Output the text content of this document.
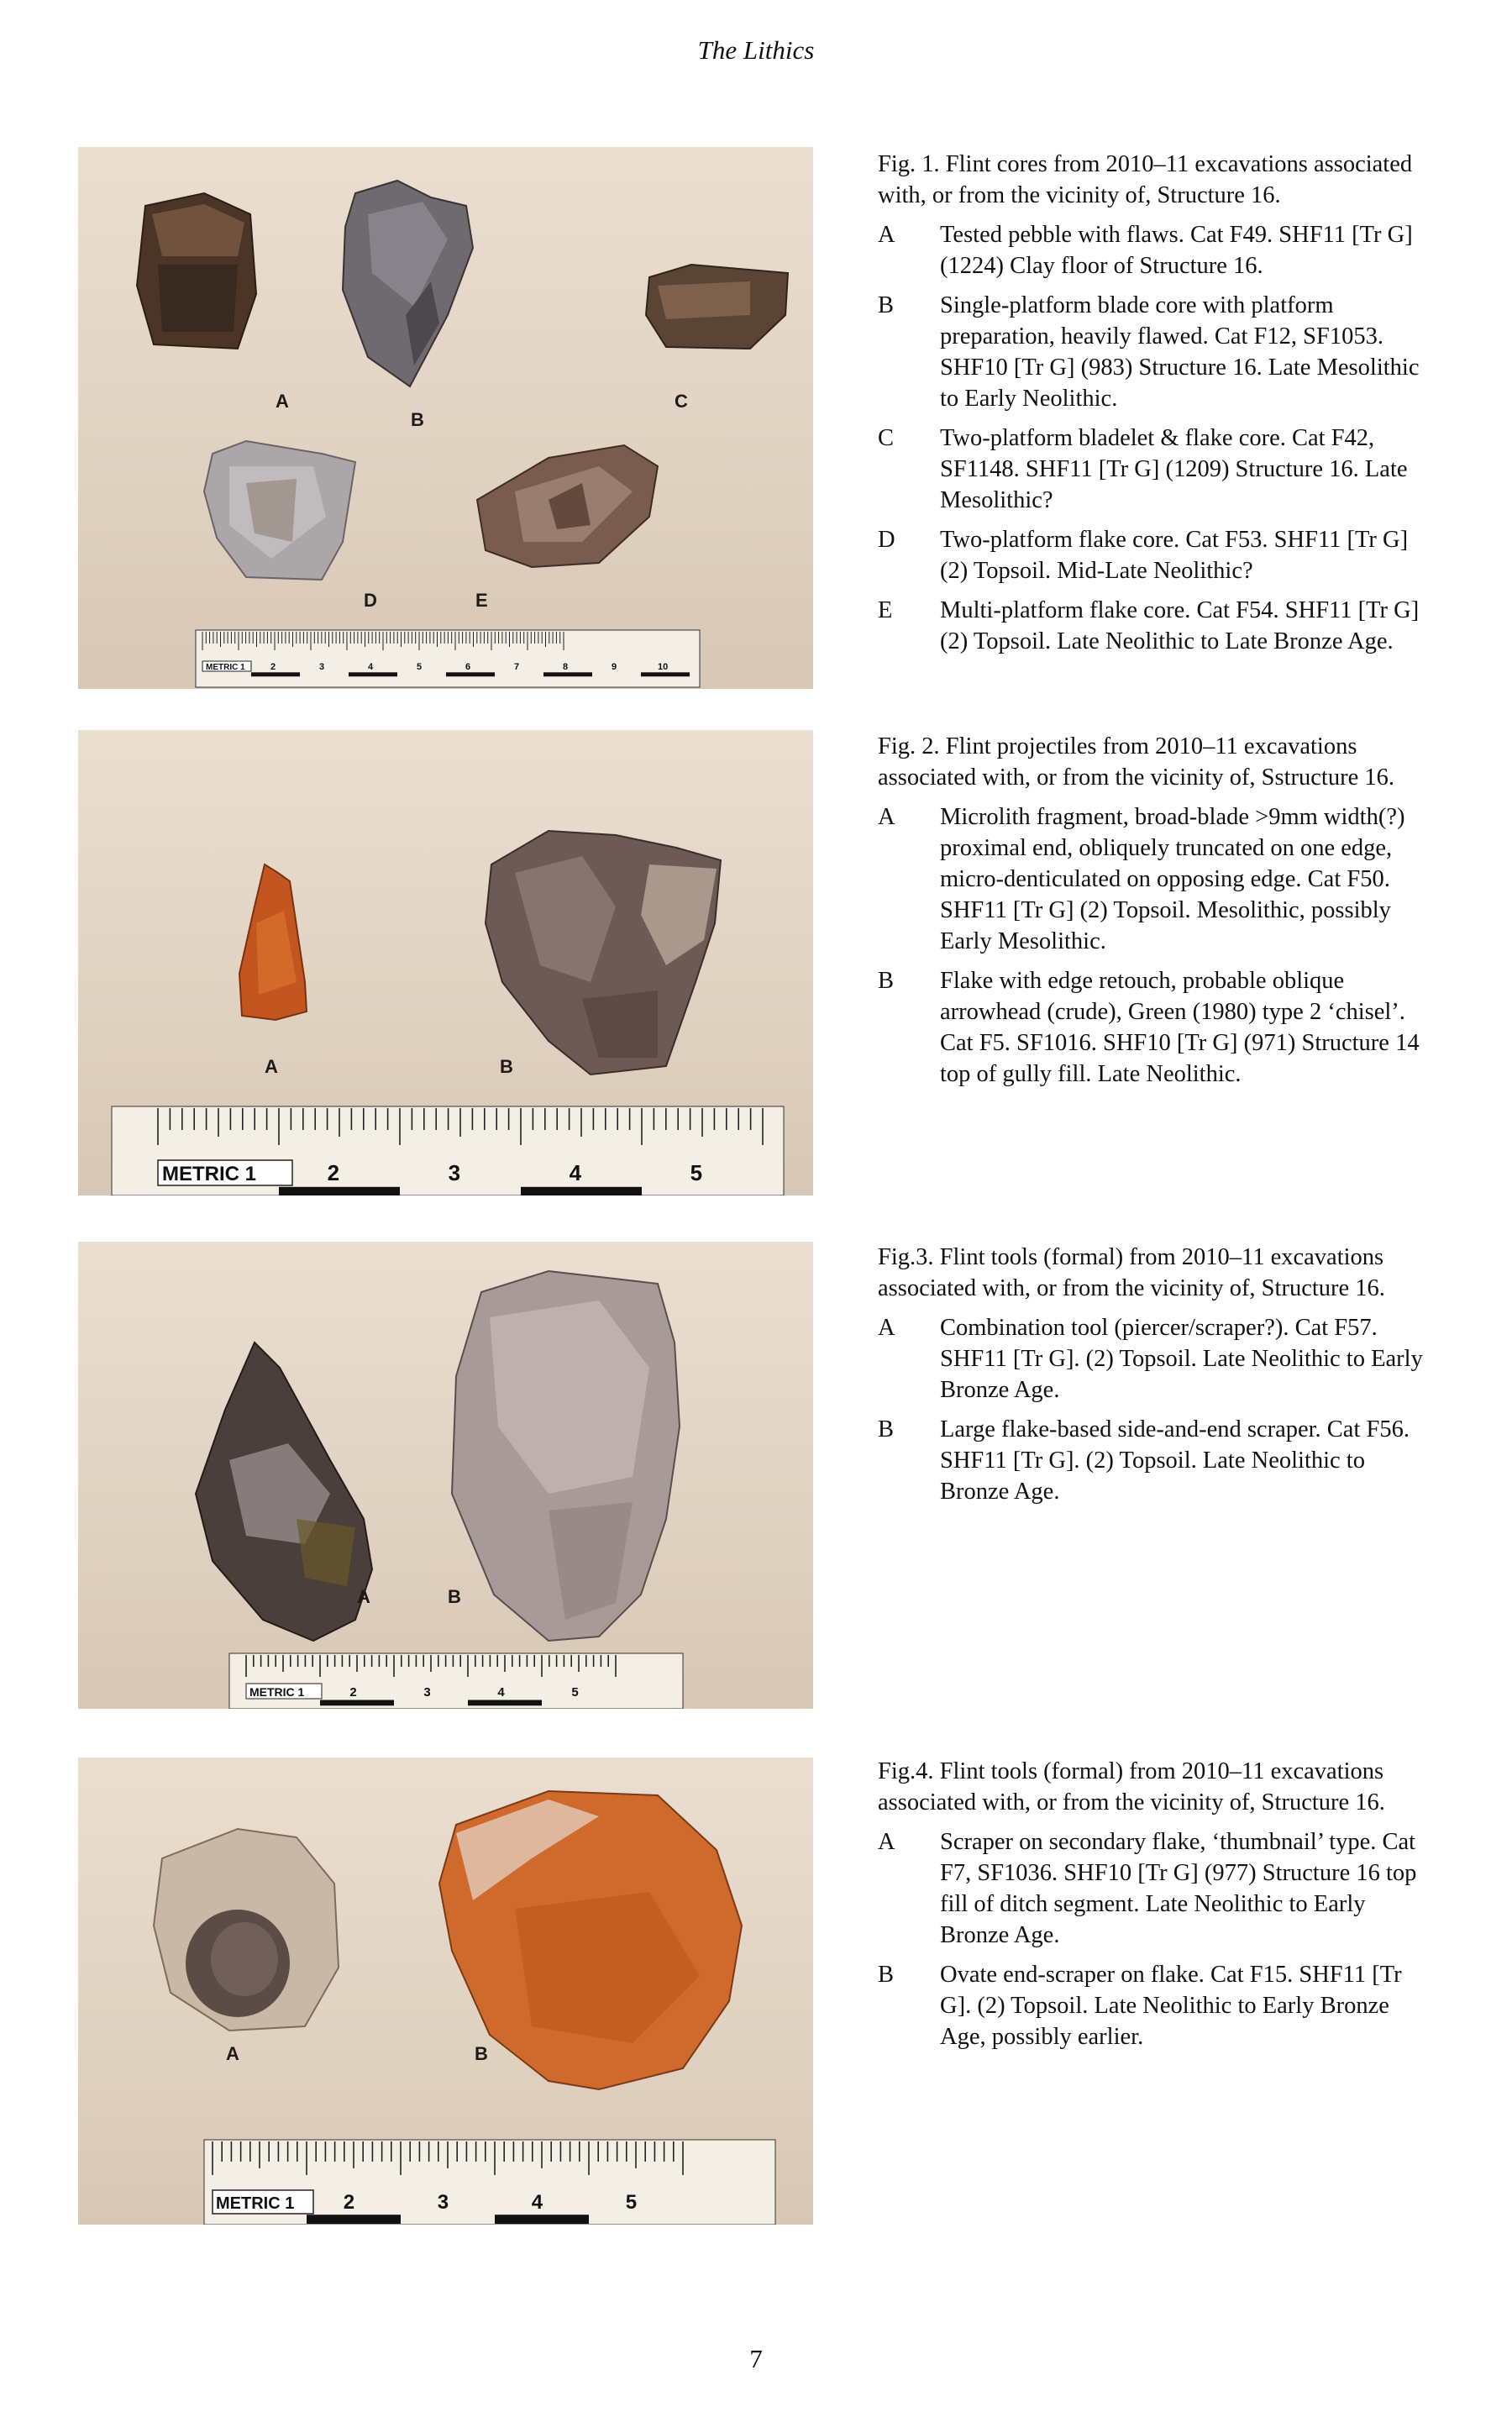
The Lithics
A
B
C
D	E
METRIC 1	2	3	4	5	6	7	8	9	10

Fig. 1. Flint cores from 2010–11 excavations associated with, or from the vicinity of, Structure 16.

A	Tested pebble with flaws. Cat F49. SHF11 [Tr G] (1224) Clay floor of Structure 16.
B	Single-platform blade core with platform preparation, heavily flawed. Cat F12, SF1053. SHF10 [Tr G] (983) Structure 16. Late Mesolithic to Early Neolithic.
C	Two-platform bladelet & flake core. Cat F42, SF1148. SHF11 [Tr G] (1209) Structure 16. Late Mesolithic?
D	Two-platform flake core. Cat F53. SHF11 [Tr G] (2) Topsoil. Mid-Late Neolithic?
E	Multi-platform flake core. Cat F54. SHF11 [Tr G] (2) Topsoil. Late Neolithic to Late Bronze Age.
A	B
METRIC 1	2	3	4	5

Fig. 2. Flint projectiles from 2010–11 excavations associated with, or from the vicinity of, Sstructure 16.

A	Microlith fragment, broad-blade >9mm width(?) proximal end, obliquely truncated on one edge, micro-denticulated on opposing edge. Cat F50. SHF11 [Tr G] (2) Topsoil. Mesolithic, possibly Early Mesolithic.
B	Flake with edge retouch, probable oblique arrowhead (crude), Green (1980) type 2 ‘chisel’. Cat F5. SF1016. SHF10 [Tr G] (971) Structure 14 top of gully fill. Late Neolithic.
A	B
METRIC 1	2	3	4	5

Fig.3. Flint tools (formal) from 2010–11 excavations associated with, or from the vicinity of, Structure 16.

A	Combination tool (piercer/scraper?). Cat F57. SHF11 [Tr G]. (2) Topsoil. Late Neolithic to Early Bronze Age.
B	Large flake-based side-and-end scraper. Cat F56. SHF11 [Tr G]. (2) Topsoil. Late Neolithic to Bronze Age.
A	B
METRIC 1 2	3	4	5

Fig.4. Flint tools (formal) from 2010–11 excavations associated with, or from the vicinity of, Structure 16.

A	Scraper on secondary flake, ‘thumbnail’ type. Cat F7, SF1036. SHF10 [Tr G] (977) Structure 16 top fill of ditch segment. Late Neolithic to Early Bronze Age.
B	Ovate end-scraper on flake. Cat F15. SHF11 [Tr G]. (2) Topsoil. Late Neolithic to Early Bronze Age, possibly earlier.
7
